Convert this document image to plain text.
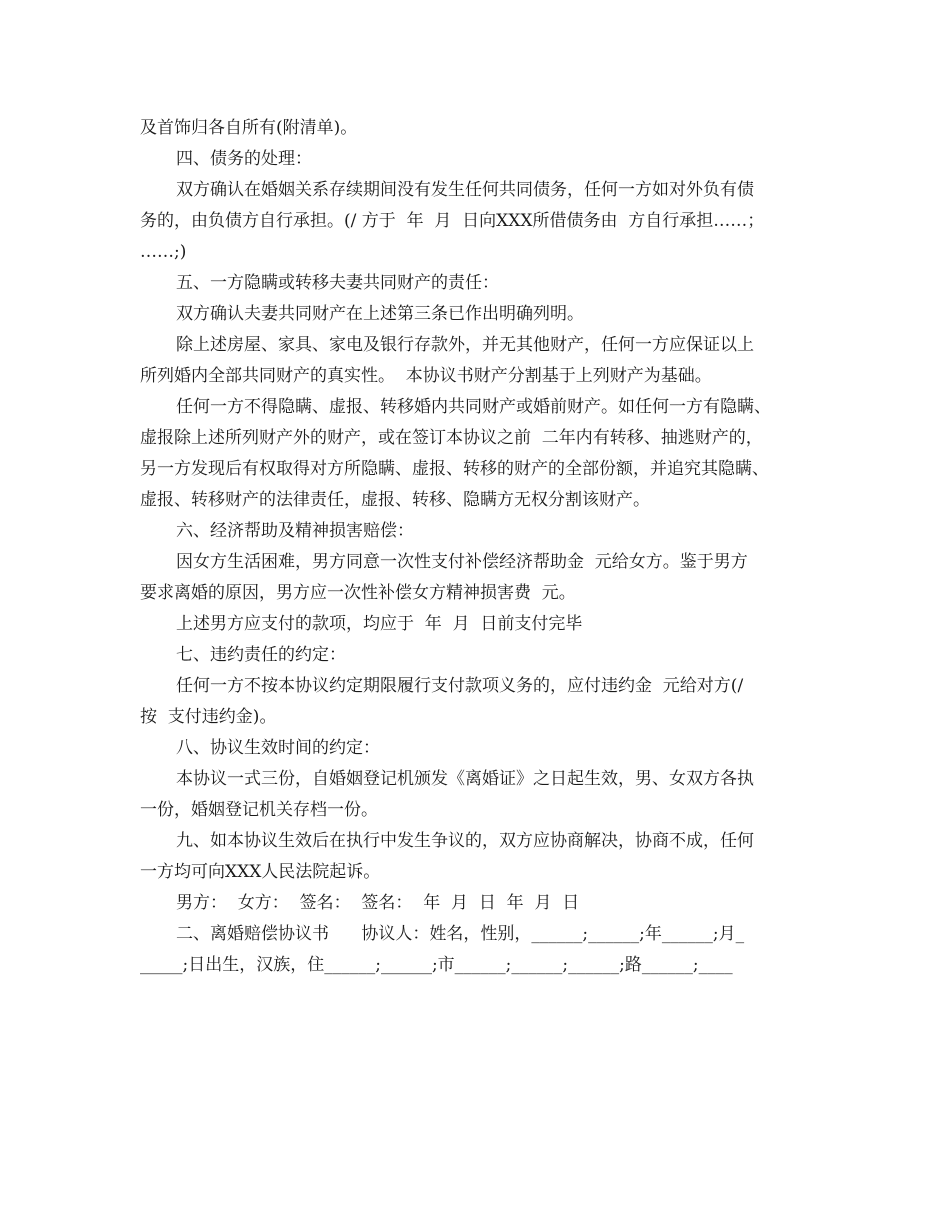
及首饰归各自所有(附清单)。
四、债务的处理：
双方确认在婚姻关系存续期间没有发生任何共同债务，任何一方如对外负有债
务的，由负债方自行承担。(/ 方于  年  月  日向XXX所借债务由  方自行承担……；
……;)
五、一方隐瞒或转移夫妻共同财产的责任：
双方确认夫妻共同财产在上述第三条已作出明确列明。
除上述房屋、家具、家电及银行存款外，并无其他财产，任何一方应保证以上
所列婚内全部共同财产的真实性。  本协议书财产分割基于上列财产为基础。
任何一方不得隐瞒、虚报、转移婚内共同财产或婚前财产。如任何一方有隐瞒、
虚报除上述所列财产外的财产，或在签订本协议之前  二年内有转移、抽逃财产的，
另一方发现后有权取得对方所隐瞒、虚报、转移的财产的全部份额，并追究其隐瞒、
虚报、转移财产的法律责任，虚报、转移、隐瞒方无权分割该财产。
六、经济帮助及精神损害赔偿：
因女方生活困难，男方同意一次性支付补偿经济帮助金  元给女方。鉴于男方
要求离婚的原因，男方应一次性补偿女方精神损害费  元。
上述男方应支付的款项，均应于  年  月  日前支付完毕
七、违约责任的约定：
任何一方不按本协议约定期限履行支付款项义务的，应付违约金  元给对方(/
按  支付违约金)。
八、协议生效时间的约定：
本协议一式三份，自婚姻登记机颁发《离婚证》之日起生效，男、女双方各执
一份，婚姻登记机关存档一份。
九、如本协议生效后在执行中发生争议的，双方应协商解决，协商不成，任何
一方均可向XXX人民法院起诉。
男方：  女方：  签名：  签名：  年  月  日  年  月  日
二、离婚赔偿协议书      协议人：姓名，性别，______;______;年______;月_
_____;日出生，汉族，住______;______;市______;______;______;路______;____
